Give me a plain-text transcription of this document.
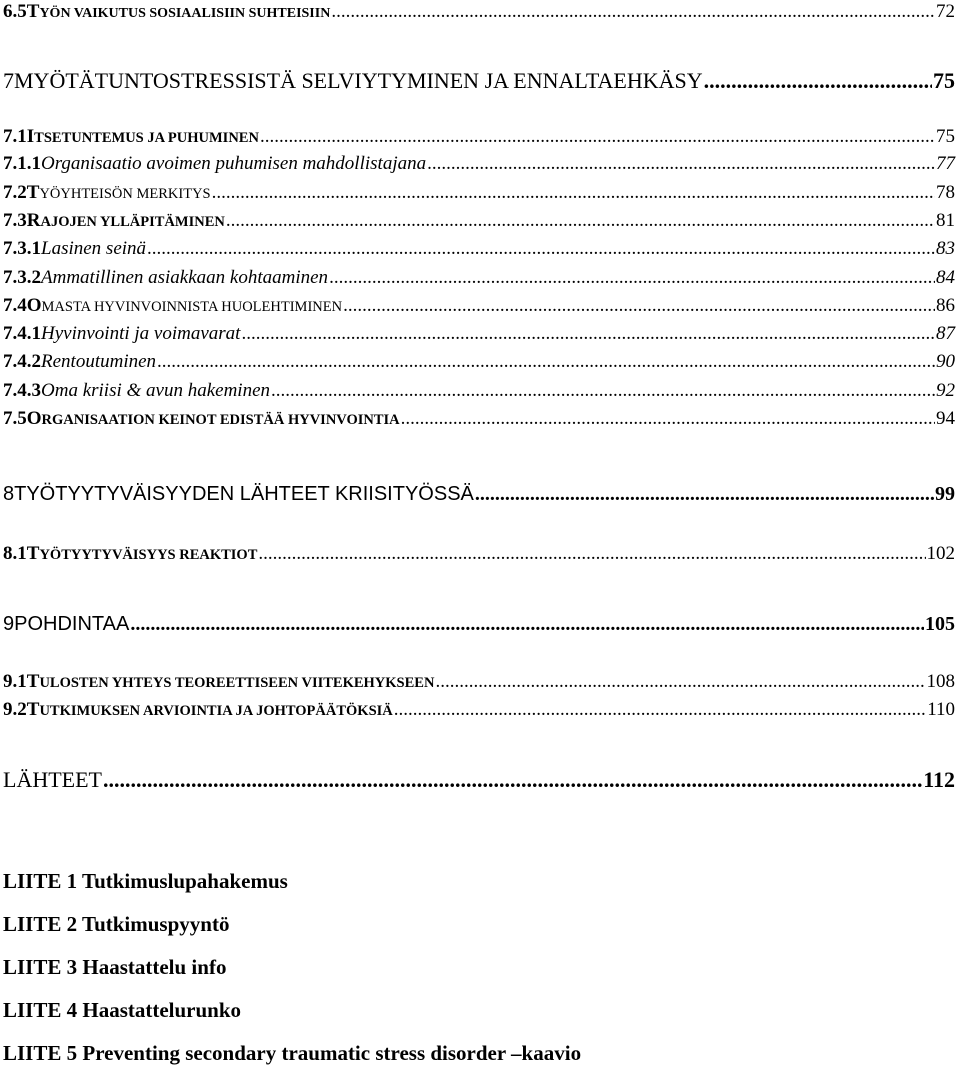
6.5 TYÖN VAIKUTUS SOSIAALISIIN SUHTEISIIN .....	72
7 MYÖTÄTUNTOSTRESSISTÄ SELVIYTYMINEN JA ENNALTAEHKÄSY .....	75
7.1 ITSETUNTEMUS JA PUHUMINEN .....	75
7.1.1 Organisaatio avoimen puhumisen mahdollistajana .....	77
7.2 TYÖYHTEISÖN MERKITYS .....	78
7.3 RAJOJEN YLLÄPITÄMINEN .....	81
7.3.1 Lasinen seinä .....	83
7.3.2 Ammatillinen asiakkaan kohtaaminen .....	84
7.4 OMASTA HYVINVOINNISTA HUOLEHTIMINEN .....	86
7.4.1 Hyvinvointi ja voimavarat .....	87
7.4.2 Rentoutuminen .....	90
7.4.3 Oma kriisi & avun hakeminen .....	92
7.5 ORGANISAATION KEINOT EDISTÄÄ HYVINVOINTIA .....	94
8 TYÖTYYTYVÄISYYDEN LÄHTEET KRIISITYÖSSÄ .....	99
8.1 TYÖTYYTYVÄISYYS REAKTIOT .....	102
9 POHDINTAA .....	105
9.1 TULOSTEN YHTEYS TEOREETTISEEN VIITEKEHYKSEEN .....	108
9.2 TUTKIMUKSEN ARVIOINTIA JA JOHTOPÄÄTÖKSIÄ .....	110
LÄHTEET .....	112
LIITE 1 Tutkimuslupahakemus
LIITE 2 Tutkimuspyyntö
LIITE 3 Haastattelu info
LIITE 4 Haastattelurunko
LIITE 5 Preventing secondary traumatic stress disorder –kaavio
